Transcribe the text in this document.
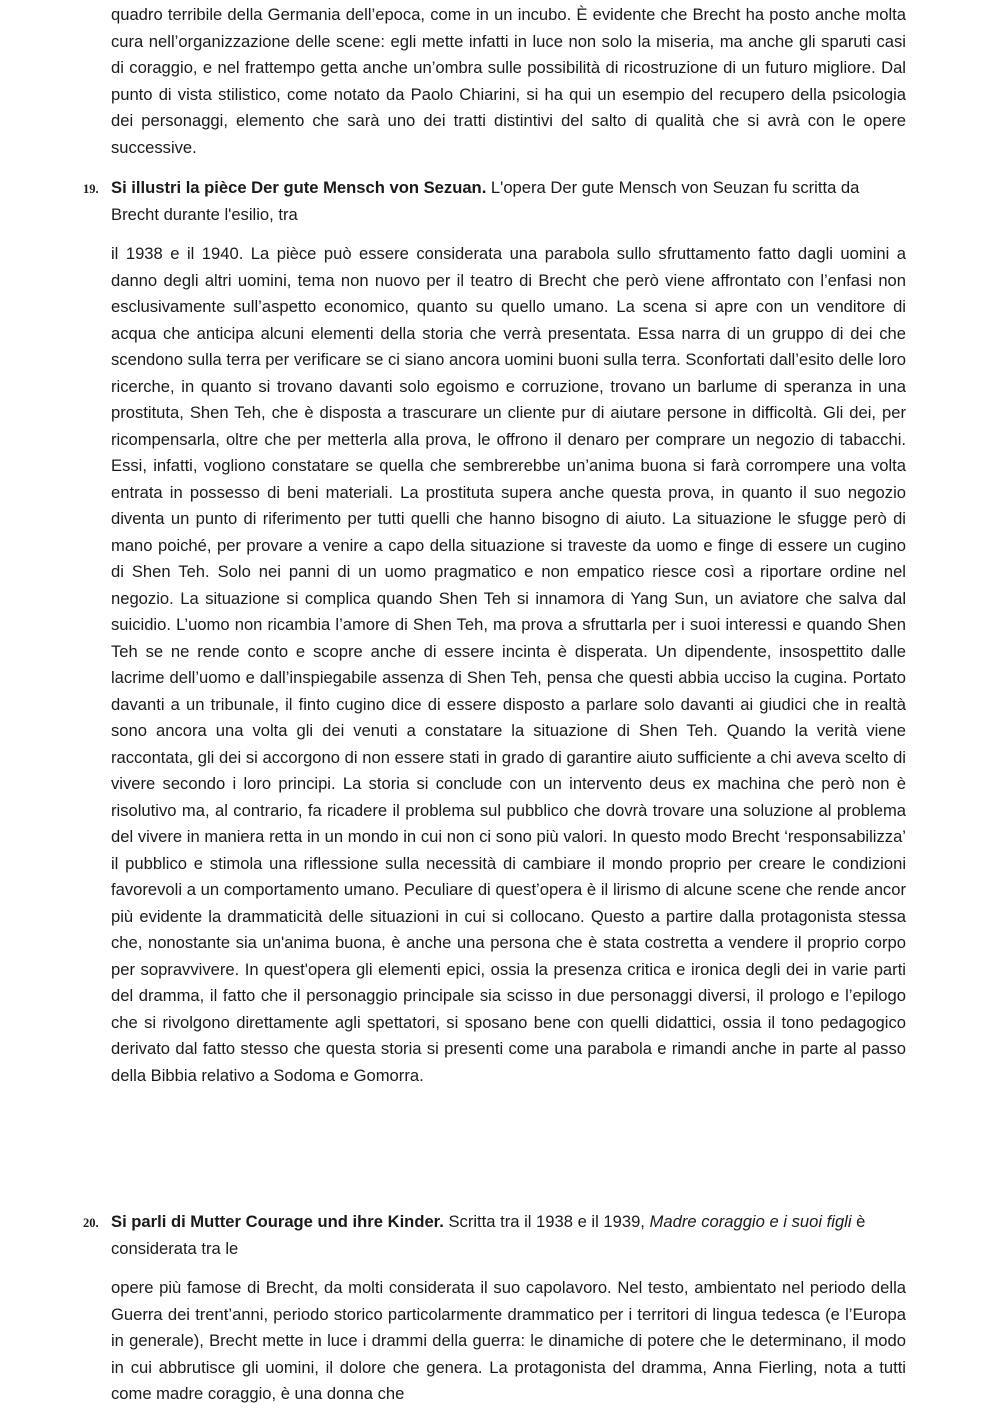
quadro terribile della Germania dell’epoca, come in un incubo. È evidente che Brecht ha posto anche molta cura nell’organizzazione delle scene: egli mette infatti in luce non solo la miseria, ma anche gli sparuti casi di coraggio, e nel frattempo getta anche un’ombra sulle possibilità di ricostruzione di un futuro migliore. Dal punto di vista stilistico, come notato da Paolo Chiarini, si ha qui un esempio del recupero della psicologia dei personaggi, elemento che sarà uno dei tratti distintivi del salto di qualità che si avrà con le opere successive.

19. Si illustri la pièce Der gute Mensch von Sezuan. L'opera Der gute Mensch von Seuzan fu scritta da Brecht durante l'esilio, tra

il 1938 e il 1940. La pièce può essere considerata una parabola sullo sfruttamento fatto dagli uomini a danno degli altri uomini, tema non nuovo per il teatro di Brecht che però viene affrontato con l’enfasi non esclusivamente sull’aspetto economico, quanto su quello umano. La scena si apre con un venditore di acqua che anticipa alcuni elementi della storia che verrà presentata. Essa narra di un gruppo di dei che scendono sulla terra per verificare se ci siano ancora uomini buoni sulla terra. Sconfortati dall’esito delle loro ricerche, in quanto si trovano davanti solo egoismo e corruzione, trovano un barlume di speranza in una prostituta, Shen Teh, che è disposta a trascurare un cliente pur di aiutare persone in difficoltà. Gli dei, per ricompensarla, oltre che per metterla alla prova, le offrono il denaro per comprare un negozio di tabacchi. Essi, infatti, vogliono constatare se quella che sembrerebbe un’anima buona si farà corrompere una volta entrata in possesso di beni materiali. La prostituta supera anche questa prova, in quanto il suo negozio diventa un punto di riferimento per tutti quelli che hanno bisogno di aiuto. La situazione le sfugge però di mano poiché, per provare a venire a capo della situazione si traveste da uomo e finge di essere un cugino di Shen Teh. Solo nei panni di un uomo pragmatico e non empatico riesce così a riportare ordine nel negozio. La situazione si complica quando Shen Teh si innamora di Yang Sun, un aviatore che salva dal suicidio. L’uomo non ricambia l’amore di Shen Teh, ma prova a sfruttarla per i suoi interessi e quando Shen Teh se ne rende conto e scopre anche di essere incinta è disperata. Un dipendente, insospettito dalle lacrime dell’uomo e dall’inspiegabile assenza di Shen Teh, pensa che questi abbia ucciso la cugina. Portato davanti a un tribunale, il finto cugino dice di essere disposto a parlare solo davanti ai giudici che in realtà sono ancora una volta gli dei venuti a constatare la situazione di Shen Teh. Quando la verità viene raccontata, gli dei si accorgono di non essere stati in grado di garantire aiuto sufficiente a chi aveva scelto di vivere secondo i loro principi. La storia si conclude con un intervento deus ex machina che però non è risolutivo ma, al contrario, fa ricadere il problema sul pubblico che dovrà trovare una soluzione al problema del vivere in maniera retta in un mondo in cui non ci sono più valori. In questo modo Brecht ‘responsabilizza’ il pubblico e stimola una riflessione sulla necessità di cambiare il mondo proprio per creare le condizioni favorevoli a un comportamento umano. Peculiare di quest’opera è il lirismo di alcune scene che rende ancor più evidente la drammaticità delle situazioni in cui si collocano. Questo a partire dalla protagonista stessa che, nonostante sia un'anima buona, è anche una persona che è stata costretta a vendere il proprio corpo per sopravvivere. In quest'opera gli elementi epici, ossia la presenza critica e ironica degli dei in varie parti del dramma, il fatto che il personaggio principale sia scisso in due personaggi diversi, il prologo e l’epilogo che si rivolgono direttamente agli spettatori, si sposano bene con quelli didattici, ossia il tono pedagogico derivato dal fatto stesso che questa storia si presenti come una parabola e rimandi anche in parte al passo della Bibbia relativo a Sodoma e Gomorra.

20. Si parli di Mutter Courage und ihre Kinder. Scritta tra il 1938 e il 1939, Madre coraggio e i suoi figli è considerata tra le

opere più famose di Brecht, da molti considerata il suo capolavoro. Nel testo, ambientato nel periodo della Guerra dei trent’anni, periodo storico particolarmente drammatico per i territori di lingua tedesca (e l’Europa in generale), Brecht mette in luce i drammi della guerra: le dinamiche di potere che le determinano, il modo in cui abbrutisce gli uomini, il dolore che genera. La protagonista del dramma, Anna Fierling, nota a tutti come madre coraggio, è una donna che
